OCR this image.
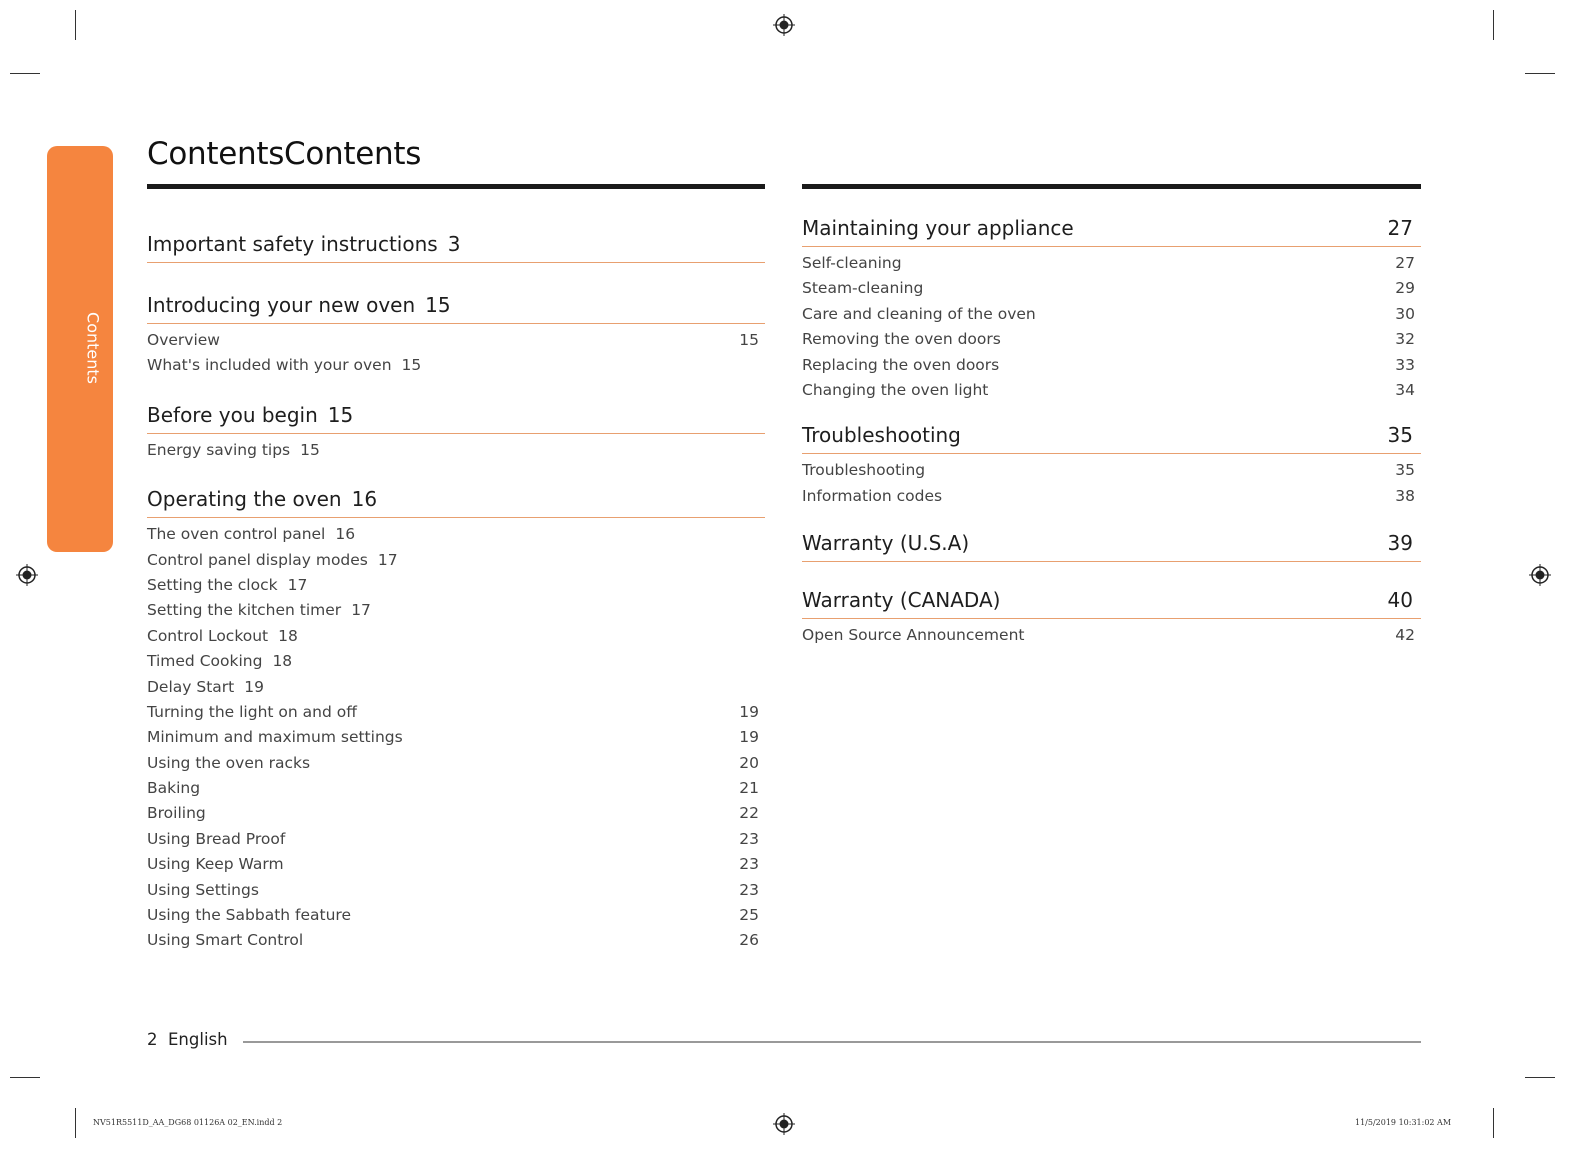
Contents
ContentsContents
Important safety instructions 3
Introducing your new oven 15
Overview	15
What's included with your oven 15
Before you begin 15
Energy saving tips 15
Operating the oven 16
The oven control panel 16
Control panel display modes 17
Setting the clock 17
Setting the kitchen timer 17
Control Lockout 18
Timed Cooking 18
Delay Start 19
Turning the light on and off	19
Minimum and maximum settings	19
Using the oven racks	20
Baking	21
Broiling	22
Using Bread Proof	23
Using Keep Warm	23
Using Settings	23
Using the Sabbath feature	25
Using Smart Control	26
Maintaining your appliance	27
Self-cleaning	27
Steam-cleaning	29
Care and cleaning of the oven	30
Removing the oven doors	32
Replacing the oven doors	33
Changing the oven light	34
Troubleshooting	35
Troubleshooting	35
Information codes	38
Warranty (U.S.A)	39
Warranty (CANADA)	40
Open Source Announcement	42
2 English
NV51R5511D_AA_DG68 01126A 02_EN.indd 2	11/5/2019 10:31:02 AM
